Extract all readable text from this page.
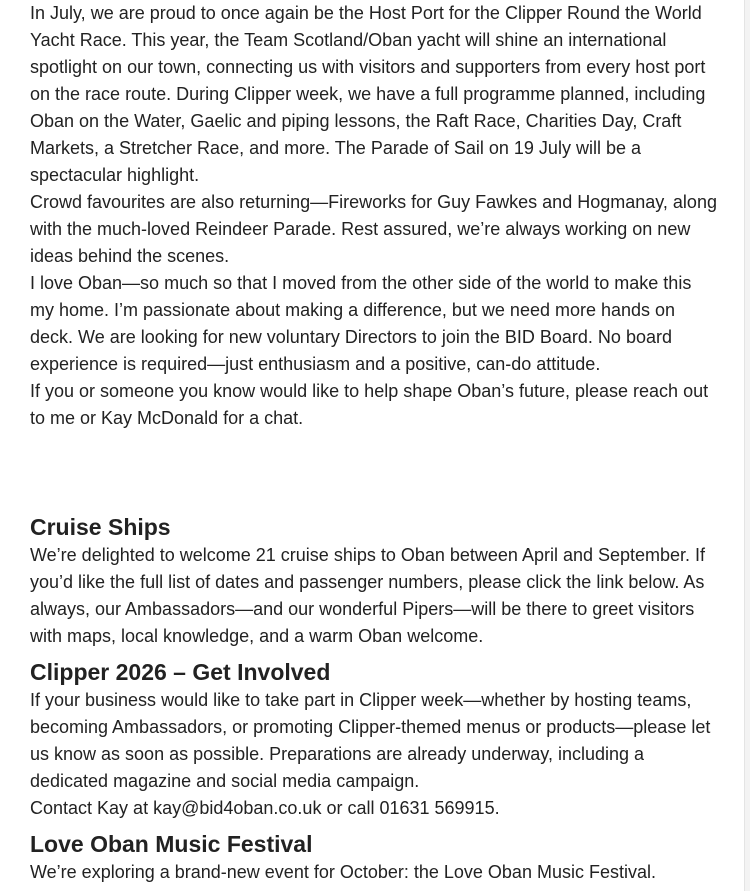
In July, we are proud to once again be the Host Port for the Clipper Round the World Yacht Race. This year, the Team Scotland/Oban yacht will shine an international spotlight on our town, connecting us with visitors and supporters from every host port on the race route. During Clipper week, we have a full programme planned, including Oban on the Water, Gaelic and piping lessons, the Raft Race, Charities Day, Craft Markets, a Stretcher Race, and more. The Parade of Sail on 19 July will be a spectacular highlight.

Crowd favourites are also returning—Fireworks for Guy Fawkes and Hogmanay, along with the much-loved Reindeer Parade. Rest assured, we’re always working on new ideas behind the scenes.

I love Oban—so much so that I moved from the other side of the world to make this my home. I’m passionate about making a difference, but we need more hands on deck. We are looking for new voluntary Directors to join the BID Board. No board experience is required—just enthusiasm and a positive, can-do attitude.

If you or someone you know would like to help shape Oban’s future, please reach out to me or Kay McDonald for a chat.

Cruise Ships

We’re delighted to welcome 21 cruise ships to Oban between April and September. If you’d like the full list of dates and passenger numbers, please click the link below. As always, our Ambassadors—and our wonderful Pipers—will be there to greet visitors with maps, local knowledge, and a warm Oban welcome.

Clipper 2026 – Get Involved

If your business would like to take part in Clipper week—whether by hosting teams, becoming Ambassadors, or promoting Clipper-themed menus or products—please let us know as soon as possible. Preparations are already underway, including a dedicated magazine and social media campaign.

Contact Kay at kay@bid4oban.co.uk or call 01631 569915.

Love Oban Music Festival

We’re exploring a brand-new event for October: the Love Oban Music Festival.
